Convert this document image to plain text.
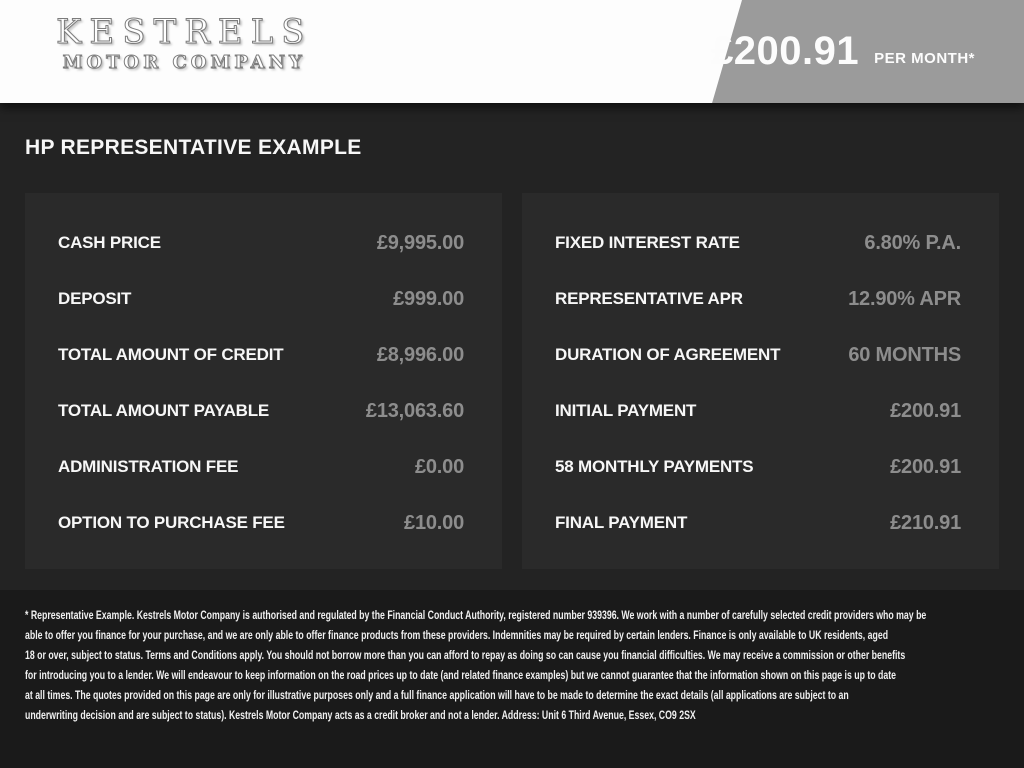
KESTRELS
MOTOR COMPANY	£200.91 PER MONTH*
HP REPRESENTATIVE EXAMPLE
CASH PRICE	£9,995.00
DEPOSIT	£999.00
TOTAL AMOUNT OF CREDIT	£8,996.00
TOTAL AMOUNT PAYABLE	£13,063.60
ADMINISTRATION FEE	£0.00
OPTION TO PURCHASE FEE	£10.00
FIXED INTEREST RATE	6.80% P.A.
REPRESENTATIVE APR	12.90% APR
DURATION OF AGREEMENT	60 MONTHS
INITIAL PAYMENT	£200.91
58 MONTHLY PAYMENTS	£200.91
FINAL PAYMENT	£210.91
* Representative Example. Kestrels Motor Company is authorised and regulated by the Financial Conduct Authority, registered number 939396. We work with a number of carefully selected credit providers who may be
able to offer you finance for your purchase, and we are only able to offer finance products from these providers. Indemnities may be required by certain lenders. Finance is only available to UK residents, aged
18 or over, subject to status. Terms and Conditions apply. You should not borrow more than you can afford to repay as doing so can cause you financial difficulties. We may receive a commission or other benefits
for introducing you to a lender. We will endeavour to keep information on the road prices up to date (and related finance examples) but we cannot guarantee that the information shown on this page is up to date
at all times. The quotes provided on this page are only for illustrative purposes only and a full finance application will have to be made to determine the exact details (all applications are subject to an
underwriting decision and are subject to status). Kestrels Motor Company acts as a credit broker and not a lender. Address: Unit 6 Third Avenue, Essex, CO9 2SX
